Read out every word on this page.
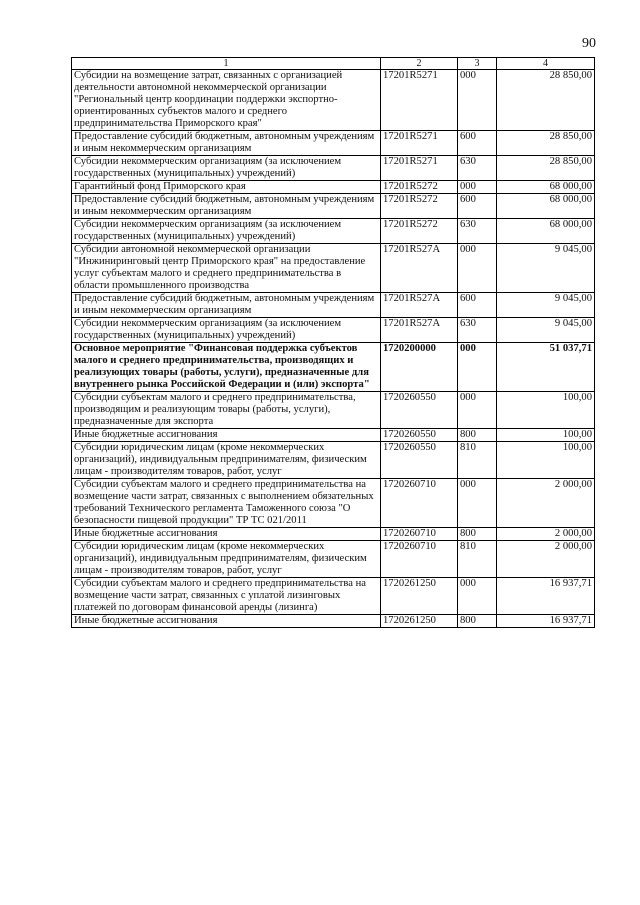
90
1	2	3	4
Субсидии на возмещение затрат, связанных с организацией деятельности автономной некоммерческой организации "Региональный центр координации поддержки экспортно-ориентированных субъектов малого и среднего предпринимательства Приморского края"	17201R5271	000	28 850,00
Предоставление субсидий бюджетным, автономным учреждениям и иным некоммерческим организациям	17201R5271	600	28 850,00
Субсидии некоммерческим организациям (за исключением государственных (муниципальных) учреждений)	17201R5271	630	28 850,00
Гарантийный фонд Приморского края	17201R5272	000	68 000,00
Предоставление субсидий бюджетным, автономным учреждениям и иным некоммерческим организациям	17201R5272	600	68 000,00
Субсидии некоммерческим организациям (за исключением государственных (муниципальных) учреждений)	17201R5272	630	68 000,00
Субсидии автономной некоммерческой организации "Инжиниринговый центр Приморского края" на предоставление услуг субъектам малого и среднего предпринимательства в области промышленного производства	17201R527A	000	9 045,00
Предоставление субсидий бюджетным, автономным учреждениям и иным некоммерческим организациям	17201R527A	600	9 045,00
Субсидии некоммерческим организациям (за исключением государственных (муниципальных) учреждений)	17201R527A	630	9 045,00
Основное мероприятие "Финансовая поддержка субъектов малого и среднего предпринимательства, производящих и реализующих товары (работы, услуги), предназначенные для внутреннего рынка Российской Федерации и (или) экспорта"	1720200000	000	51 037,71
Субсидии субъектам малого и среднего предпринимательства, производящим и реализующим товары (работы, услуги), предназначенные для экспорта	1720260550	000	100,00
Иные бюджетные ассигнования	1720260550	800	100,00
Субсидии юридическим лицам (кроме некоммерческих организаций), индивидуальным предпринимателям, физическим лицам - производителям товаров, работ, услуг	1720260550	810	100,00
Субсидии субъектам малого и среднего предпринимательства на возмещение части затрат, связанных с выполнением обязательных требований Технического регламента Таможенного союза "О безопасности пищевой продукции" ТР ТС 021/2011	1720260710	000	2 000,00
Иные бюджетные ассигнования	1720260710	800	2 000,00
Субсидии юридическим лицам (кроме некоммерческих организаций), индивидуальным предпринимателям, физическим лицам - производителям товаров, работ, услуг	1720260710	810	2 000,00
Субсидии субъектам малого и среднего предпринимательства на возмещение части затрат, связанных с уплатой лизинговых платежей по договорам финансовой аренды (лизинга)	1720261250	000	16 937,71
Иные бюджетные ассигнования	1720261250	800	16 937,71
